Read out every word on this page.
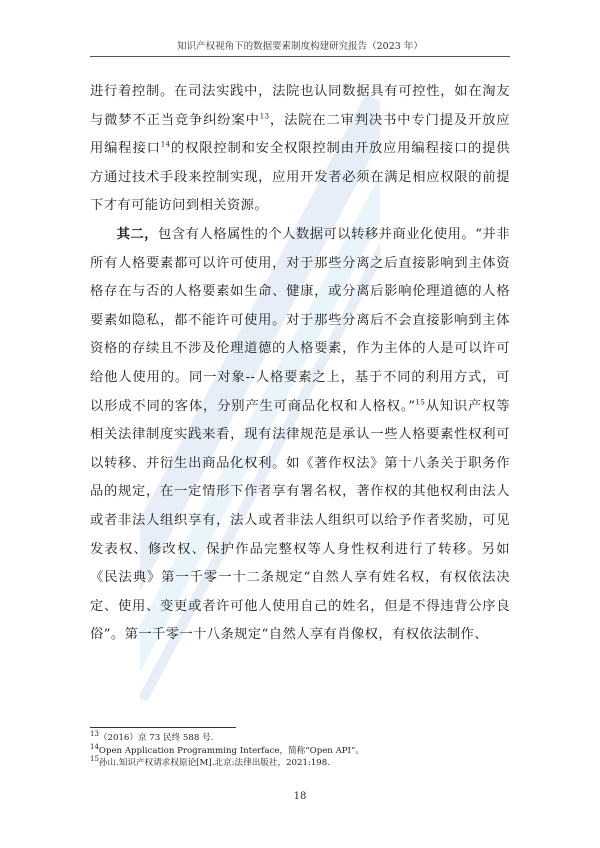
知识产权视角下的数据要素制度构建研究报告（2023 年）

进行着控制。在司法实践中，法院也认同数据具有可控性，如在淘友与微梦不正当竞争纠纷案中$^{13}$，法院在二审判决书中专门提及开放应用编程接口$^{14}$的权限控制和安全权限控制由开放应用编程接口的提供方通过技术手段来控制实现，应用开发者必须在满足相应权限的前提下才有可能访问到相关资源。

其二，包含有人格属性的个人数据可以转移并商业化使用。“并非所有人格要素都可以许可使用，对于那些分离之后直接影响到主体资格存在与否的人格要素如生命、健康，或分离后影响伦理道德的人格要素如隐私，都不能许可使用。对于那些分离后不会直接影响到主体资格的存续且不涉及伦理道德的人格要素，作为主体的人是可以许可给他人使用的。同一对象--人格要素之上，基于不同的利用方式，可以形成不同的客体，分别产生可商品化权和人格权。”$^{15}$从知识产权等相关法律制度实践来看，现有法律规范是承认一些人格要素性权利可以转移、并衍生出商品化权利。如《著作权法》第十八条关于职务作品的规定，在一定情形下作者享有署名权，著作权的其他权利由法人或者非法人组织享有，法人或者非法人组织可以给予作者奖励，可见发表权、修改权、保护作品完整权等人身性权利进行了转移。另如《民法典》第一千零一十二条规定“自然人享有姓名权，有权依法决定、使用、变更或者许可他人使用自己的姓名，但是不得违背公序良俗”。第一千零一十八条规定“自然人享有肖像权，有权依法制作、

$^{13}$（2016）京 73 民终 588 号.
$^{14}$Open Application Programming Interface，简称“Open API”。
$^{15}$孙山.知识产权请求权原论[M].北京:法律出版社，2021:198.
18
